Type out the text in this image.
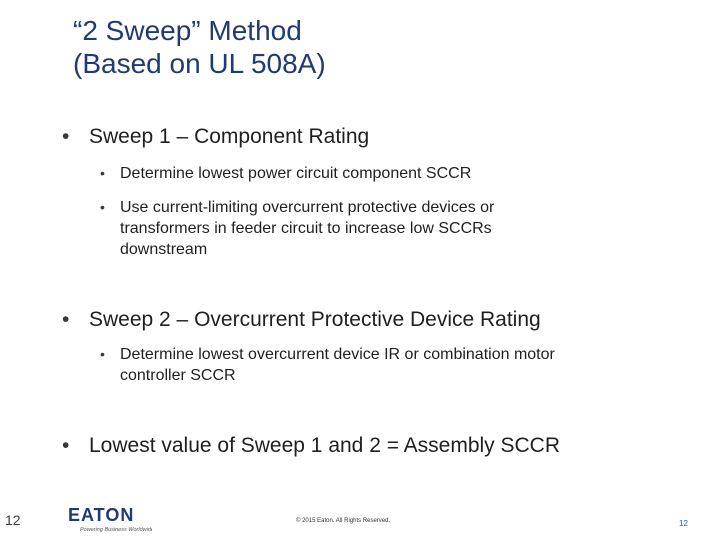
“2 Sweep” Method
(Based on UL 508A)
• Sweep 1 – Component Rating
• Determine lowest power circuit component SCCR
• Use current-limiting overcurrent protective devices or
transformers in feeder circuit to increase low SCCRs
downstream
• Sweep 2 – Overcurrent Protective Device Rating
• Determine lowest overcurrent device IR or combination motor
controller SCCR
• Lowest value of Sweep 1 and 2 = Assembly SCCR
12	EATON
Powering Business Worldwide
© 2015 Eaton. All Rights Reserved.	12
